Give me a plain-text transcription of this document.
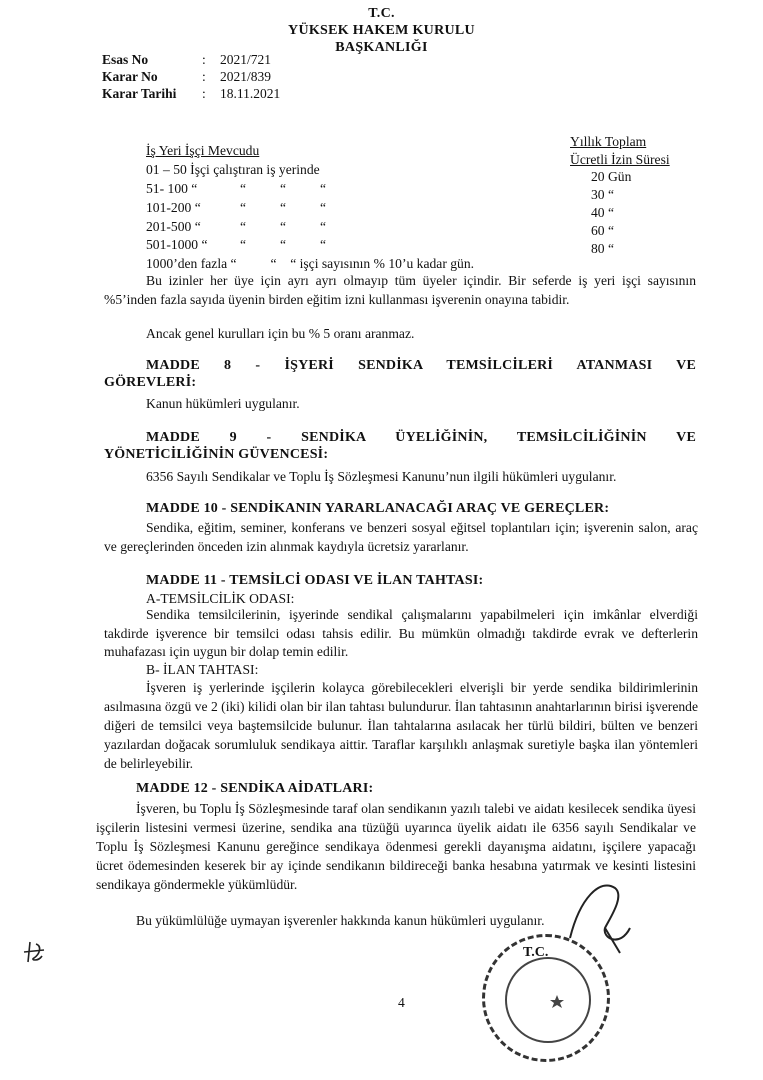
T.C.
YÜKSEK HAKEM KURULU
BAŞKANLIĞI
Esas No	: 2021/721
Karar No	: 2021/839
Karar Tarihi : 18.11.2021
İş Yeri İşçi Mevcudu
Yıllık Toplam
Ücretli İzin Süresi
01 – 50 İşçi çalıştıran iş yerinde	20 Gün
51- 100 “	“          “          “	30 “
101-200 “	“          “          “	40 “
201-500 “	“          “          “	60 “
501-1000 “ “          “          “	80 “
1000’den fazla “          “    “ işçi sayısının % 10’u kadar gün.
Bu izinler her üye için ayrı ayrı olmayıp tüm üyeler içindir. Bir seferde iş yeri işçi sayısının %5’inden fazla sayıda üyenin birden eğitim izni kullanması işverenin onayına tabidir.
Ancak genel kurulları için bu % 5 oranı aranmaz.
MADDE 8 - İŞYERİ SENDİKA TEMSİLCİLERİ ATANMASI VE
GÖREVLERİ:
Kanun hükümleri uygulanır.
MADDE 9 - SENDİKA ÜYELİĞİNİN, TEMSİLCİLİĞİNİN VE
YÖNETİCİLİĞİNİN GÜVENCESİ:
6356 Sayılı Sendikalar ve Toplu İş Sözleşmesi Kanunu’nun ilgili hükümleri uygulanır.
MADDE 10 - SENDİKANIN YARARLANACAĞI ARAÇ VE GEREÇLER:
Sendika, eğitim, seminer, konferans ve benzeri sosyal eğitsel toplantıları için; işverenin salon, araç ve gereçlerinden önceden izin alınmak kaydıyla ücretsiz yararlanır.
MADDE 11 - TEMSİLCİ ODASI VE İLAN TAHTASI:
A-TEMSİLCİLİK ODASI:
Sendika temsilcilerinin, işyerinde sendikal çalışmalarını yapabilmeleri için imkânlar elverdiği takdirde işverence bir temsilci odası tahsis edilir. Bu mümkün olmadığı takdirde evrak ve defterlerin muhafazası için uygun bir dolap temin edilir.
B- İLAN TAHTASI:
İşveren iş yerlerinde işçilerin kolayca görebilecekleri elverişli bir yerde sendika bildirimlerinin asılmasına özgü ve 2 (iki) kilidi olan bir ilan tahtası bulundurur. İlan tahtasının anahtarlarının birisi işverende diğeri de temsilci veya baştemsilcide bulunur. İlan tahtalarına asılacak her türlü bildiri, bülten ve benzeri yazılardan doğacak sorumluluk sendikaya aittir. Taraflar karşılıklı anlaşmak suretiyle başka ilan yöntemleri de belirleyebilir.
MADDE 12 - SENDİKA AİDATLARI:
İşveren, bu Toplu İş Sözleşmesinde taraf olan sendikanın yazılı talebi ve aidatı kesilecek sendika üyesi işçilerin listesini vermesi üzerine, sendika ana tüzüğü uyarınca üyelik aidatı ile 6356 sayılı Sendikalar ve Toplu İş Sözleşmesi Kanunu gereğince sendikaya ödenmesi gerekli dayanışma aidatını, işçilere yapacağı ücret ödemesinden keserek bir ay içinde sendikanın bildireceği banka hesabına yatırmak ve kesinti listesini sendikaya göndermekle yükümlüdür.
Bu yükümlülüğe uymayan işverenler hakkında kanun hükümleri uygulanır.
4
T.C.
